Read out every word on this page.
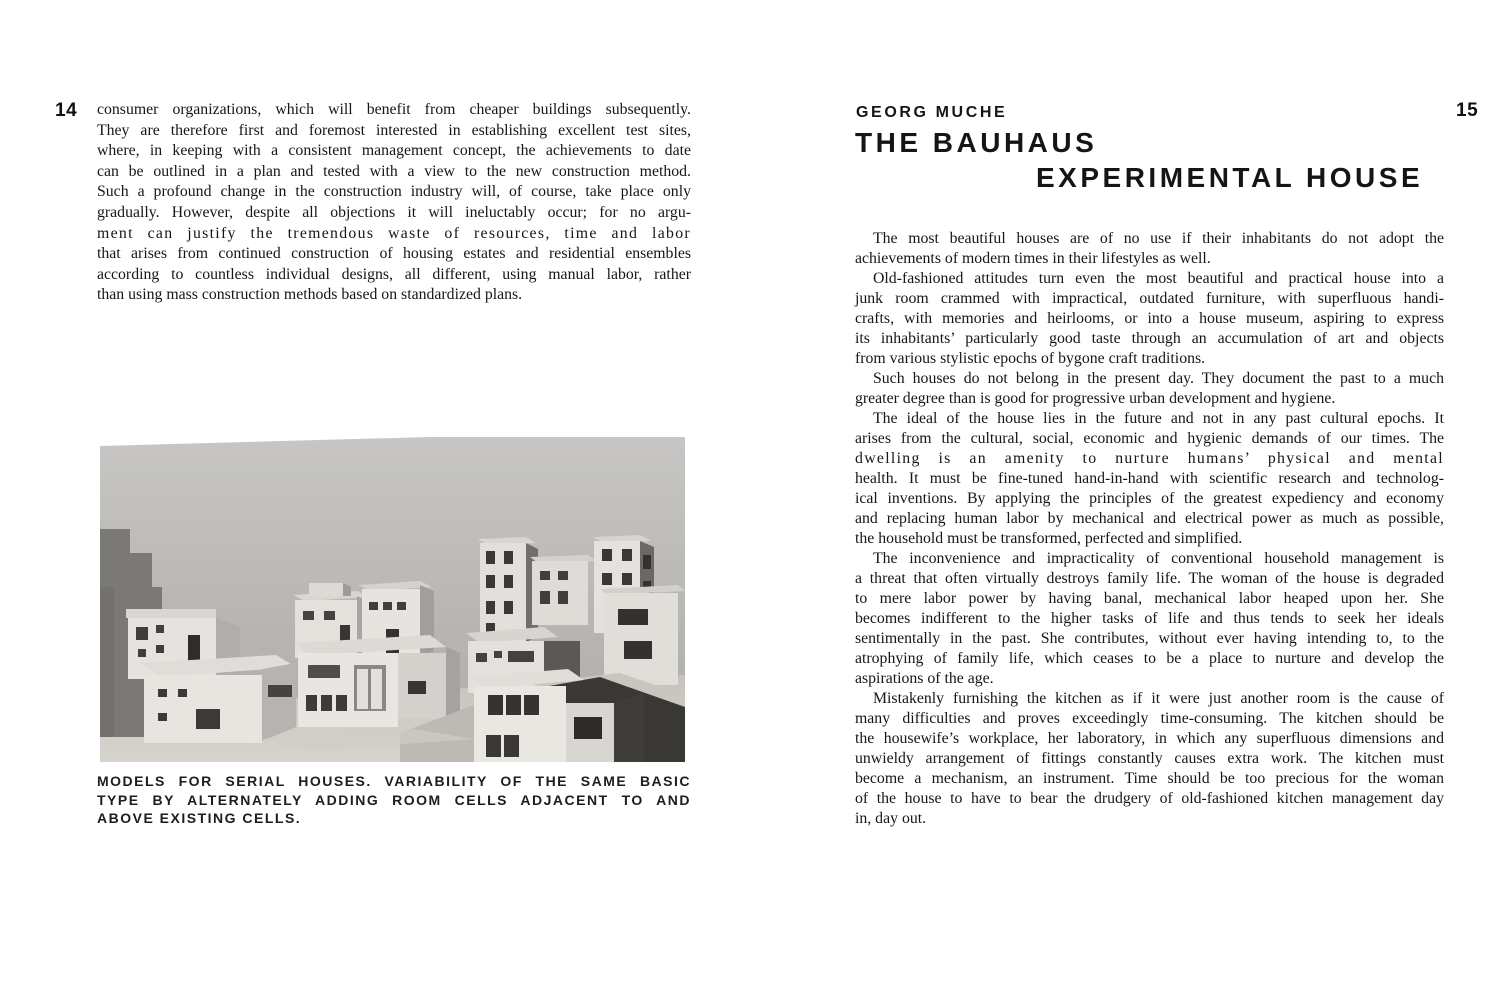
14 consumer organizations, which will benefit from cheaper buildings subsequently.
They are therefore first and foremost interested in establishing excellent test sites,
where, in keeping with a consistent management concept, the achievements to date
can be outlined in a plan and tested with a view to the new construction method.
Such a profound change in the construction industry will, of course, take place only
gradually. However, despite all objections it will ineluctably occur; for no argu-
ment can justify the tremendous waste of resources, time and labor
that arises from continued construction of housing estates and residential ensembles
according to countless individual designs, all different, using manual labor, rather
than using mass construction methods based on standardized plans.
MODELS FOR SERIAL HOUSES. VARIABILITY OF THE SAME BASIC
TYPE BY ALTERNATELY ADDING ROOM CELLS ADJACENT TO AND
ABOVE EXISTING CELLS.
15
GEORG MUCHE
THE BAUHAUS
EXPERIMENTAL HOUSE
The most beautiful houses are of no use if their inhabitants do not adopt the
achievements of modern times in their lifestyles as well.
Old-fashioned attitudes turn even the most beautiful and practical house into a
junk room crammed with impractical, outdated furniture, with superfluous handi-
crafts, with memories and heirlooms, or into a house museum, aspiring to express
its inhabitants’ particularly good taste through an accumulation of art and objects
from various stylistic epochs of bygone craft traditions.
Such houses do not belong in the present day. They document the past to a much
greater degree than is good for progressive urban development and hygiene.
The ideal of the house lies in the future and not in any past cultural epochs. It
arises from the cultural, social, economic and hygienic demands of our times. The
dwelling is an amenity to nurture humans’ physical and mental
health. It must be fine-tuned hand-in-hand with scientific research and technolog-
ical inventions. By applying the principles of the greatest expediency and economy
and replacing human labor by mechanical and electrical power as much as possible,
the household must be transformed, perfected and simplified.
The inconvenience and impracticality of conventional household management is
a threat that often virtually destroys family life. The woman of the house is degraded
to mere labor power by having banal, mechanical labor heaped upon her. She
becomes indifferent to the higher tasks of life and thus tends to seek her ideals
sentimentally in the past. She contributes, without ever having intending to, to the
atrophying of family life, which ceases to be a place to nurture and develop the
aspirations of the age.
Mistakenly furnishing the kitchen as if it were just another room is the cause of
many difficulties and proves exceedingly time-consuming. The kitchen should be
the housewife’s workplace, her laboratory, in which any superfluous dimensions and
unwieldy arrangement of fittings constantly causes extra work. The kitchen must
become a mechanism, an instrument. Time should be too precious for the woman
of the house to have to bear the drudgery of old-fashioned kitchen management day
in, day out.
